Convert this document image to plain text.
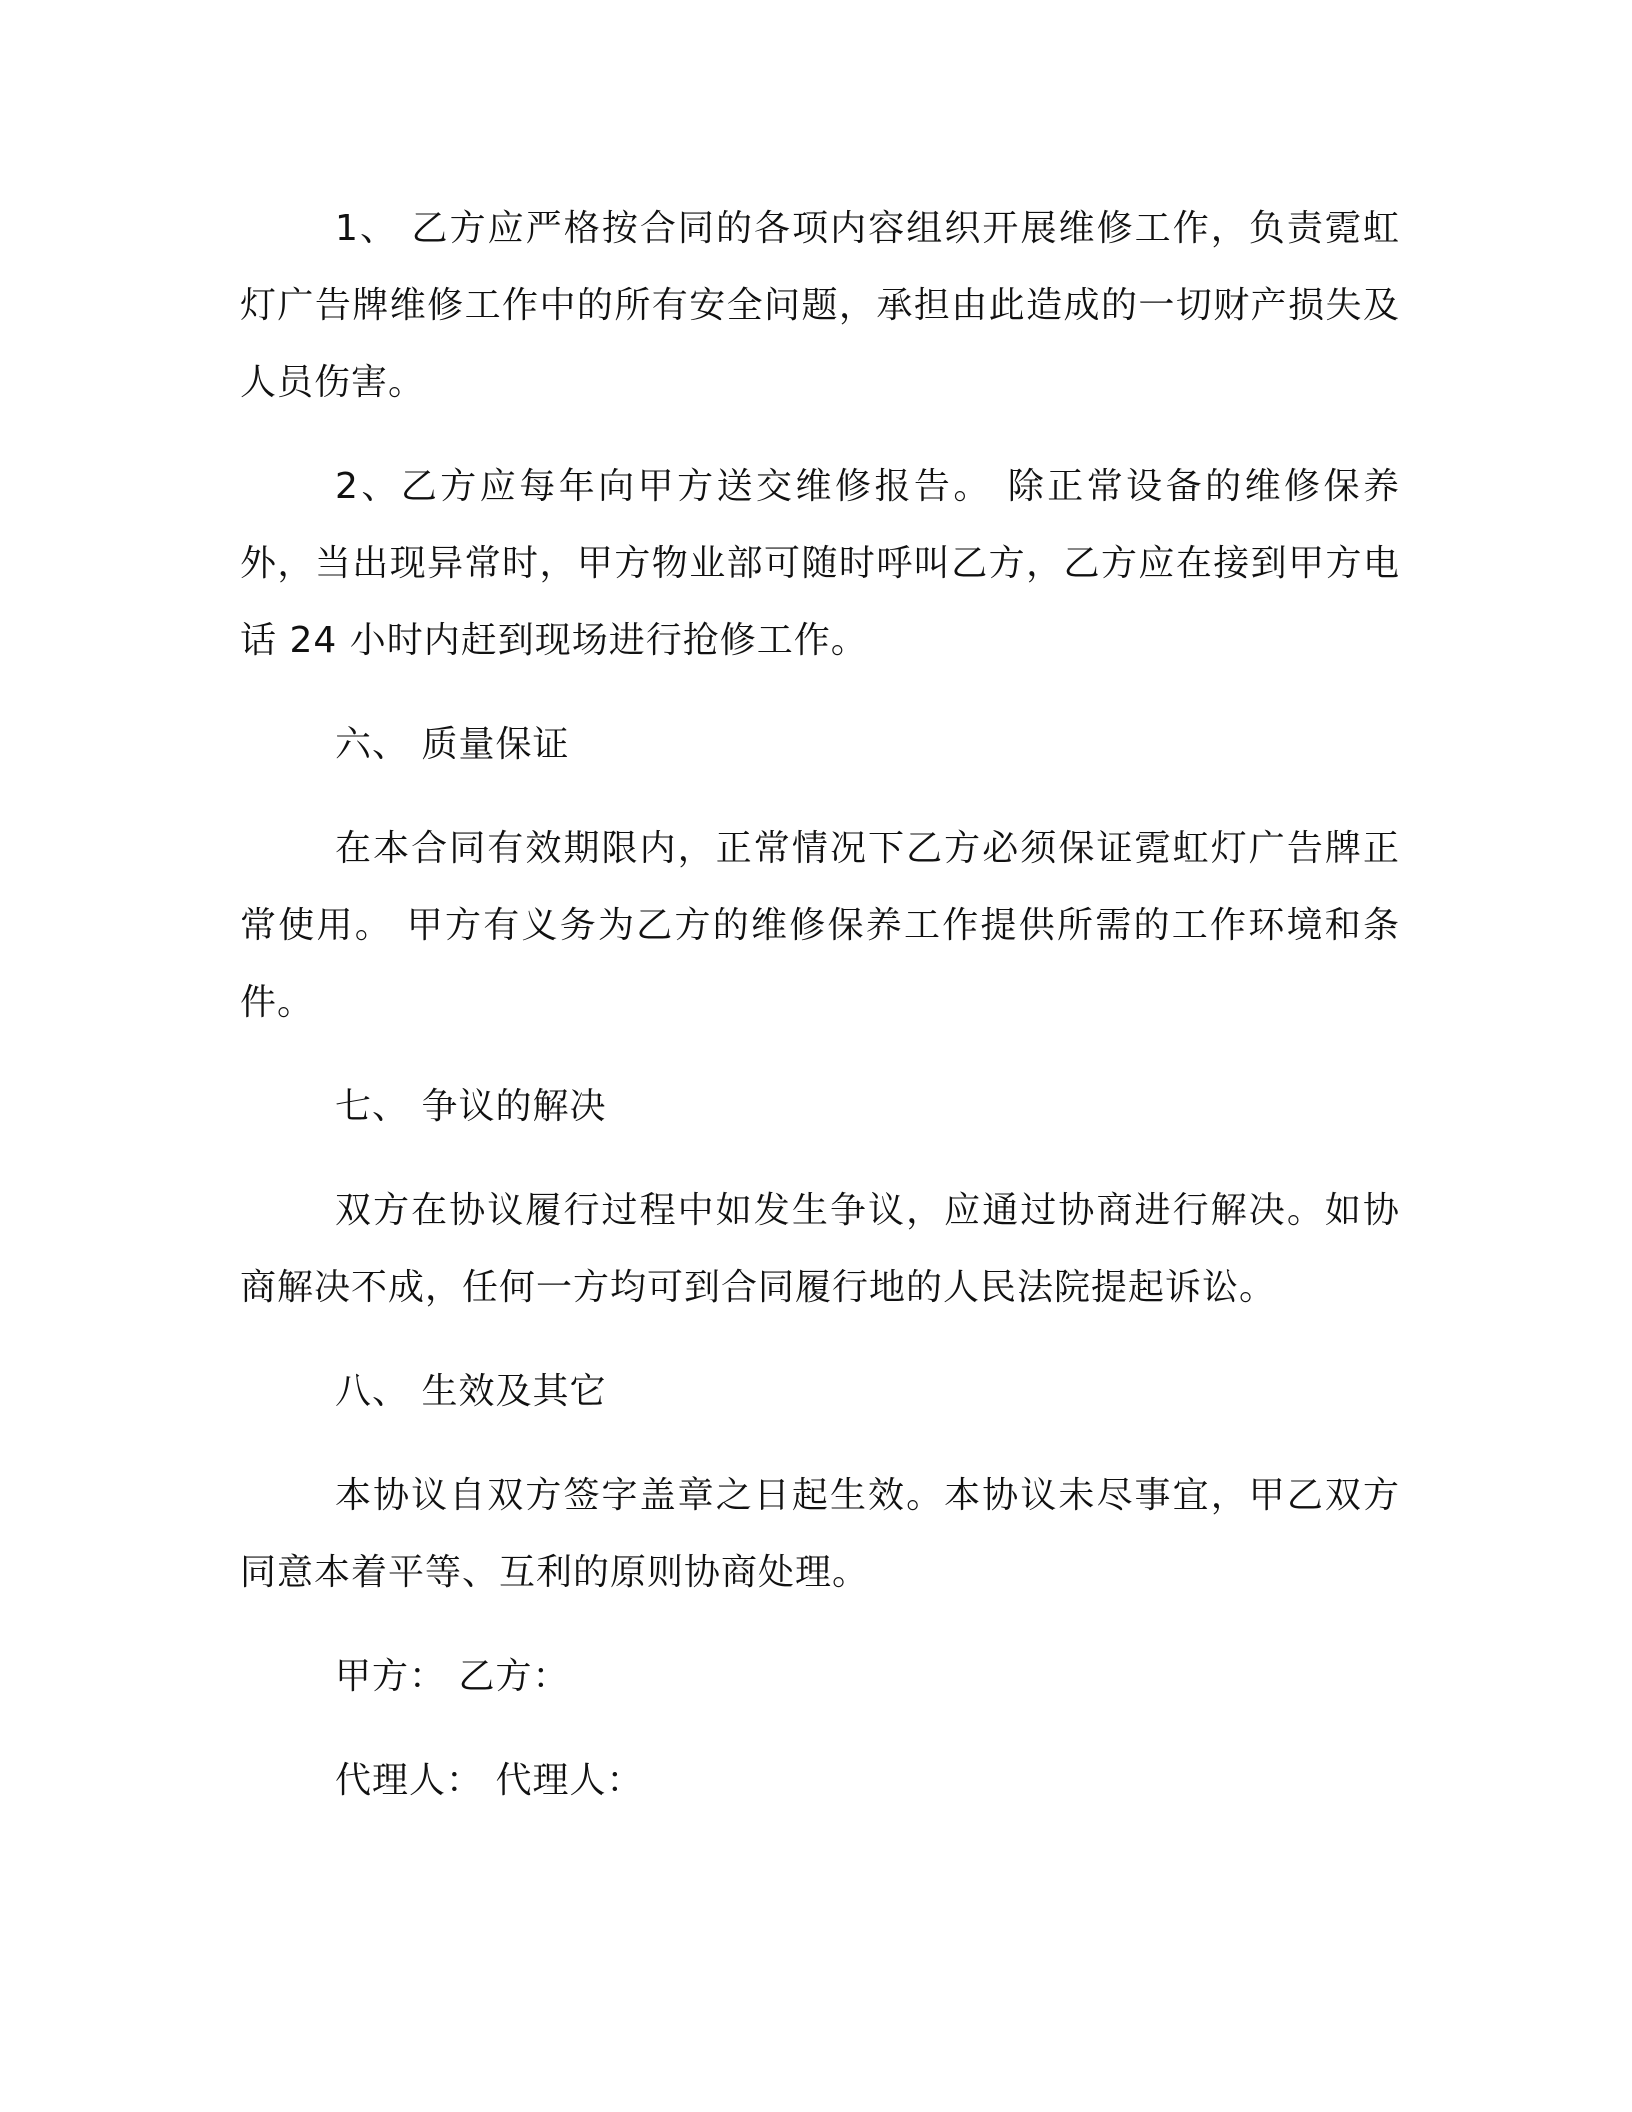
1、 乙方应严格按合同的各项内容组织开展维修工作，负责霓虹灯广告牌维修工作中的所有安全问题，承担由此造成的一切财产损失及人员伤害。

2、乙方应每年向甲方送交维修报告。 除正常设备的维修保养外，当出现异常时，甲方物业部可随时呼叫乙方，乙方应在接到甲方电话 24 小时内赶到现场进行抢修工作。

六、 质量保证

在本合同有效期限内，正常情况下乙方必须保证霓虹灯广告牌正常使用。 甲方有义务为乙方的维修保养工作提供所需的工作环境和条件。

七、 争议的解决

双方在协议履行过程中如发生争议，应通过协商进行解决。如协商解决不成，任何一方均可到合同履行地的人民法院提起诉讼。

八、 生效及其它

本协议自双方签字盖章之日起生效。本协议未尽事宜，甲乙双方同意本着平等、互利的原则协商处理。

甲方： 乙方：

代理人： 代理人：
